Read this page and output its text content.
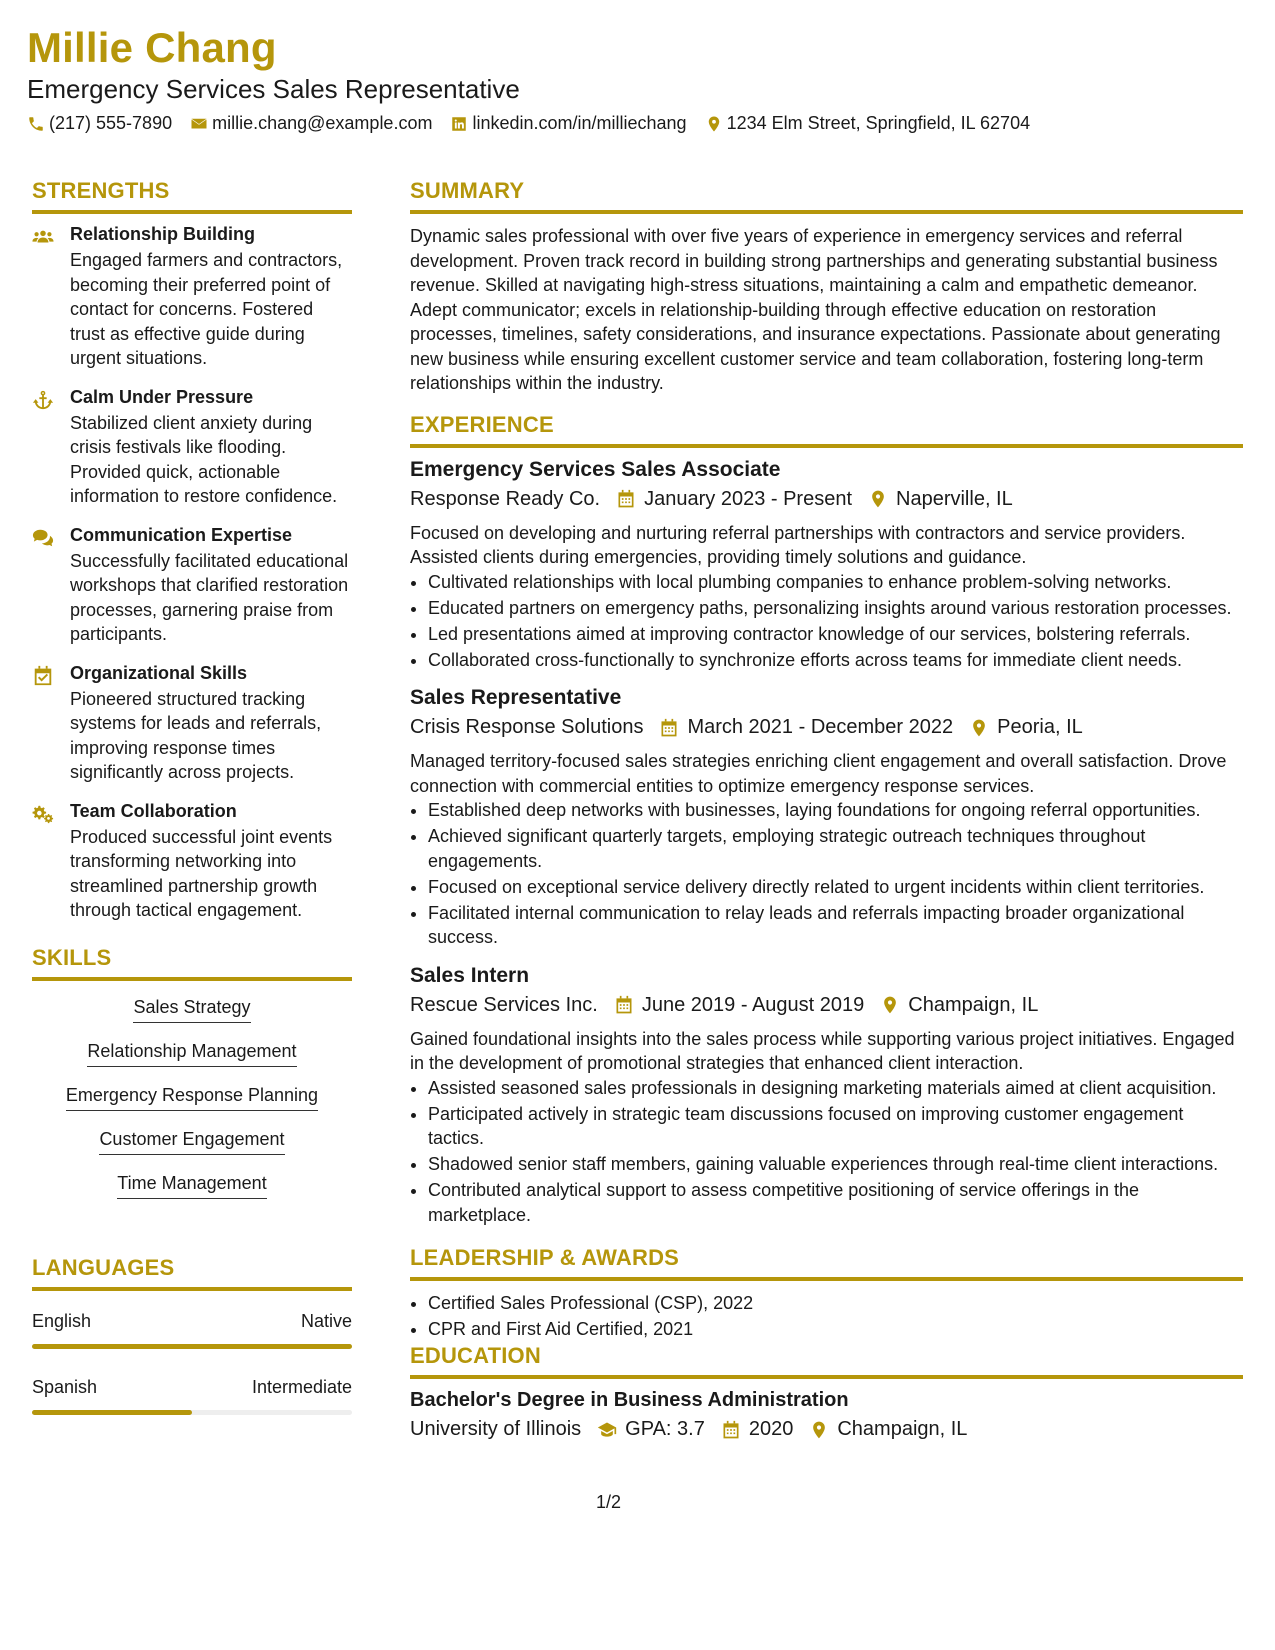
Millie Chang
Emergency Services Sales Representative
(217) 555-7890 millie.chang@example.com linkedin.com/in/milliechang 1234 Elm Street, Springfield, IL 62704
STRENGTHS
Relationship Building
Engaged farmers and contractors, becoming their preferred point of contact for concerns. Fostered trust as effective guide during urgent situations.
Calm Under Pressure
Stabilized client anxiety during crisis festivals like flooding. Provided quick, actionable information to restore confidence.
Communication Expertise
Successfully facilitated educational workshops that clarified restoration processes, garnering praise from participants.
Organizational Skills
Pioneered structured tracking systems for leads and referrals, improving response times significantly across projects.
Team Collaboration
Produced successful joint events transforming networking into streamlined partnership growth through tactical engagement.
SKILLS
Sales Strategy
Relationship Management
Emergency Response Planning
Customer Engagement
Time Management
LANGUAGES
English	Native
Spanish	Intermediate
SUMMARY
Dynamic sales professional with over five years of experience in emergency services and referral development. Proven track record in building strong partnerships and generating substantial business revenue. Skilled at navigating high-stress situations, maintaining a calm and empathetic demeanor. Adept communicator; excels in relationship-building through effective education on restoration processes, timelines, safety considerations, and insurance expectations. Passionate about generating new business while ensuring excellent customer service and team collaboration, fostering long-term relationships within the industry.
EXPERIENCE
Emergency Services Sales Associate
Response Ready Co. January 2023 - Present Naperville, IL
Focused on developing and nurturing referral partnerships with contractors and service providers. Assisted clients during emergencies, providing timely solutions and guidance.
• Cultivated relationships with local plumbing companies to enhance problem-solving networks.
• Educated partners on emergency paths, personalizing insights around various restoration processes.
• Led presentations aimed at improving contractor knowledge of our services, bolstering referrals.
• Collaborated cross-functionally to synchronize efforts across teams for immediate client needs.
Sales Representative
Crisis Response Solutions March 2021 - December 2022 Peoria, IL
Managed territory-focused sales strategies enriching client engagement and overall satisfaction. Drove connection with commercial entities to optimize emergency response services.
• Established deep networks with businesses, laying foundations for ongoing referral opportunities.
• Achieved significant quarterly targets, employing strategic outreach techniques throughout engagements.
• Focused on exceptional service delivery directly related to urgent incidents within client territories.
• Facilitated internal communication to relay leads and referrals impacting broader organizational success.
Sales Intern
Rescue Services Inc. June 2019 - August 2019 Champaign, IL
Gained foundational insights into the sales process while supporting various project initiatives. Engaged in the development of promotional strategies that enhanced client interaction.
• Assisted seasoned sales professionals in designing marketing materials aimed at client acquisition.
• Participated actively in strategic team discussions focused on improving customer engagement tactics.
• Shadowed senior staff members, gaining valuable experiences through real-time client interactions.
• Contributed analytical support to assess competitive positioning of service offerings in the marketplace.
LEADERSHIP & AWARDS
• Certified Sales Professional (CSP), 2022
• CPR and First Aid Certified, 2021
EDUCATION
Bachelor's Degree in Business Administration
University of Illinois GPA: 3.7 2020 Champaign, IL
1/2
